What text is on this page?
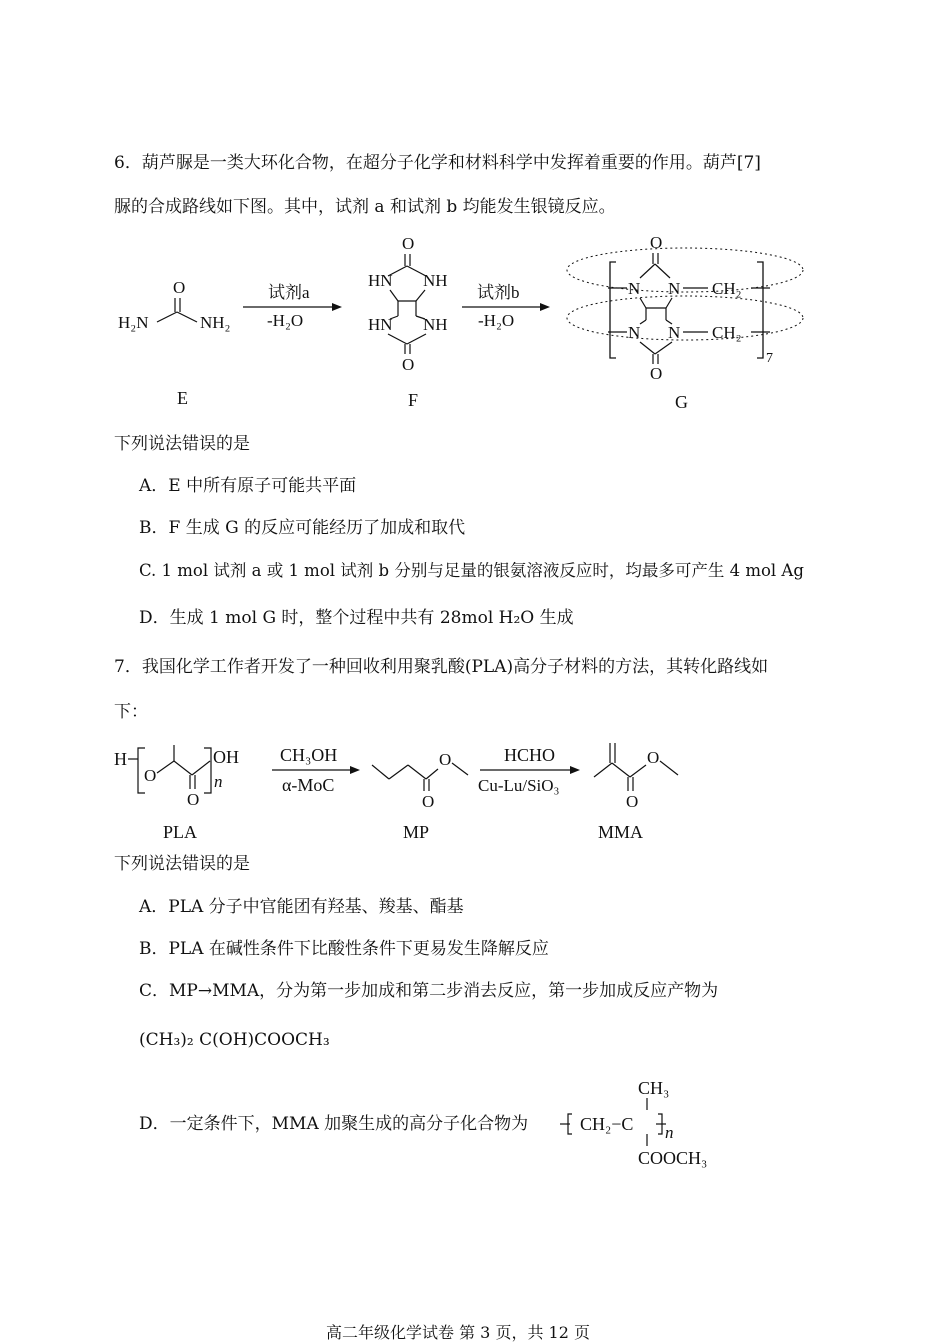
6．葫芦脲是一类大环化合物，在超分子化学和材料科学中发挥着重要的作用。葫芦[7]
脲的合成路线如下图。其中，试剂 a 和试剂 b 均能发生银镜反应。
O
H₂N	NH₂
E
试剂a
-H₂O
O
HN NH
HN NH
O
F
试剂b
-H₂O
O
N N
N N
O
CH₂
CH₂
7
G
下列说法错误的是
A．E 中所有原子可能共平面
B．F 生成 G 的反应可能经历了加成和取代
C. 1 mol 试剂 a 或 1 mol 试剂 b 分别与足量的银氨溶液反应时，均最多可产生 4 mol Ag
D．生成 1 mol G 时，整个过程中共有 28mol H₂O 生成
7．我国化学工作者开发了一种回收利用聚乳酸(PLA)高分子材料的方法，其转化路线如
下：
H
O
O
OH
n
PLA
CH₃OH
α-MoC
O
O
MP
HCHO
Cu-Lu/SiO₃
O
O
MMA
下列说法错误的是
A．PLA 分子中官能团有羟基、羧基、酯基
B．PLA 在碱性条件下比酸性条件下更易发生降解反应
C．MP→MMA，分为第一步加成和第二步消去反应，第一步加成反应产物为
(CH₃)₂ C(OH)COOCH₃
D．一定条件下，MMA 加聚生成的高分子化合物为
CH₃
CH₂−C n
COOCH₃
高二年级化学试卷 第 3 页，共 12 页
